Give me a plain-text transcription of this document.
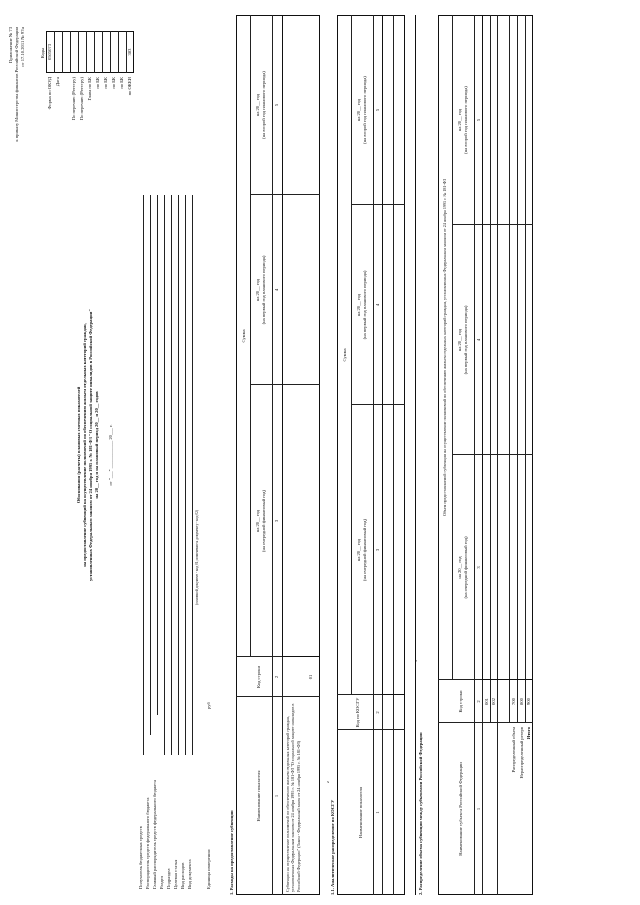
Приложение № 73 к приказу Министерства финансов Российской Федерации от 17.10.2011 № 97н
Обоснования (расчеты) плановых сметных показателей на предоставление субвенций на осуществление полномочий по обеспечению жильем отдельных категорий граждан, установленных Федеральным законом от 24 ноября 1995 г. № 181-ФЗ "О социальной защите инвалидов в Российской Федерации" на 20__ год и на плановый период 20__ и 20__ годов от "___" ____________ 20___ г.
Коды
Форма по ОКУД
0505073
Дата По перечню (Реестру) По перечню (Реестру) Глава по БК по БК по БК по БК по БК по ОКЕИ
383
Получатель бюджетных средств Распорядитель средств федерального бюджета Главный распорядитель средств федерального бюджета Раздел Подраздел Целевая статья Вид расходов Вид документа
(основной документ - код 01; изменение к документу - код 02)
Единица измерения:
руб
1. Расходы на предоставление субвенции
Наименование показателя
Код строки
Сумма
на 20__ год (на очередной финансовый год)
на 20__ год (на первый год планового периода)
на 20__ год (на второй год планового периода)
1
2
3
4
5
Субвенции на осуществление полномочий по обеспечению жильем отдельных категорий граждан, установленных Федеральным законом от 24 ноября 1995 г. № 181-ФЗ "О социальной защите инвалидов в Российской Федерации" (Закон - Федеральный закон от 24 ноября 1995 г. № 181-ФЗ)
01
1.1. Аналитическое распределение по КОСГУ
2
Наименование показателя
Код по КОСГУ
Сумма
на 20__ год (на очередной финансовый год)
на 20__ год (на первый год планового периода)
на 20__ год (на второй год планового периода)
1
2
3
4
5
2. Распределение объема субвенции между субъектами Российской Федерации
3
Наименование субъекта Российской Федерации
Код строки
Объем предоставляемой субвенции на осуществление полномочий по обеспечению жильем отдельных категорий граждан, установленных Федеральным законом от 24 ноября 1995 г. № 181-ФЗ
на 20__ год (на очередной финансовый год)
на 20__ год (на первый год планового периода)
на 20__ год (на второй год планового периода)
1
2
3
4
5
001 002
Распределенный объем
700
Нераспределенный резерв
800
Итого
900
